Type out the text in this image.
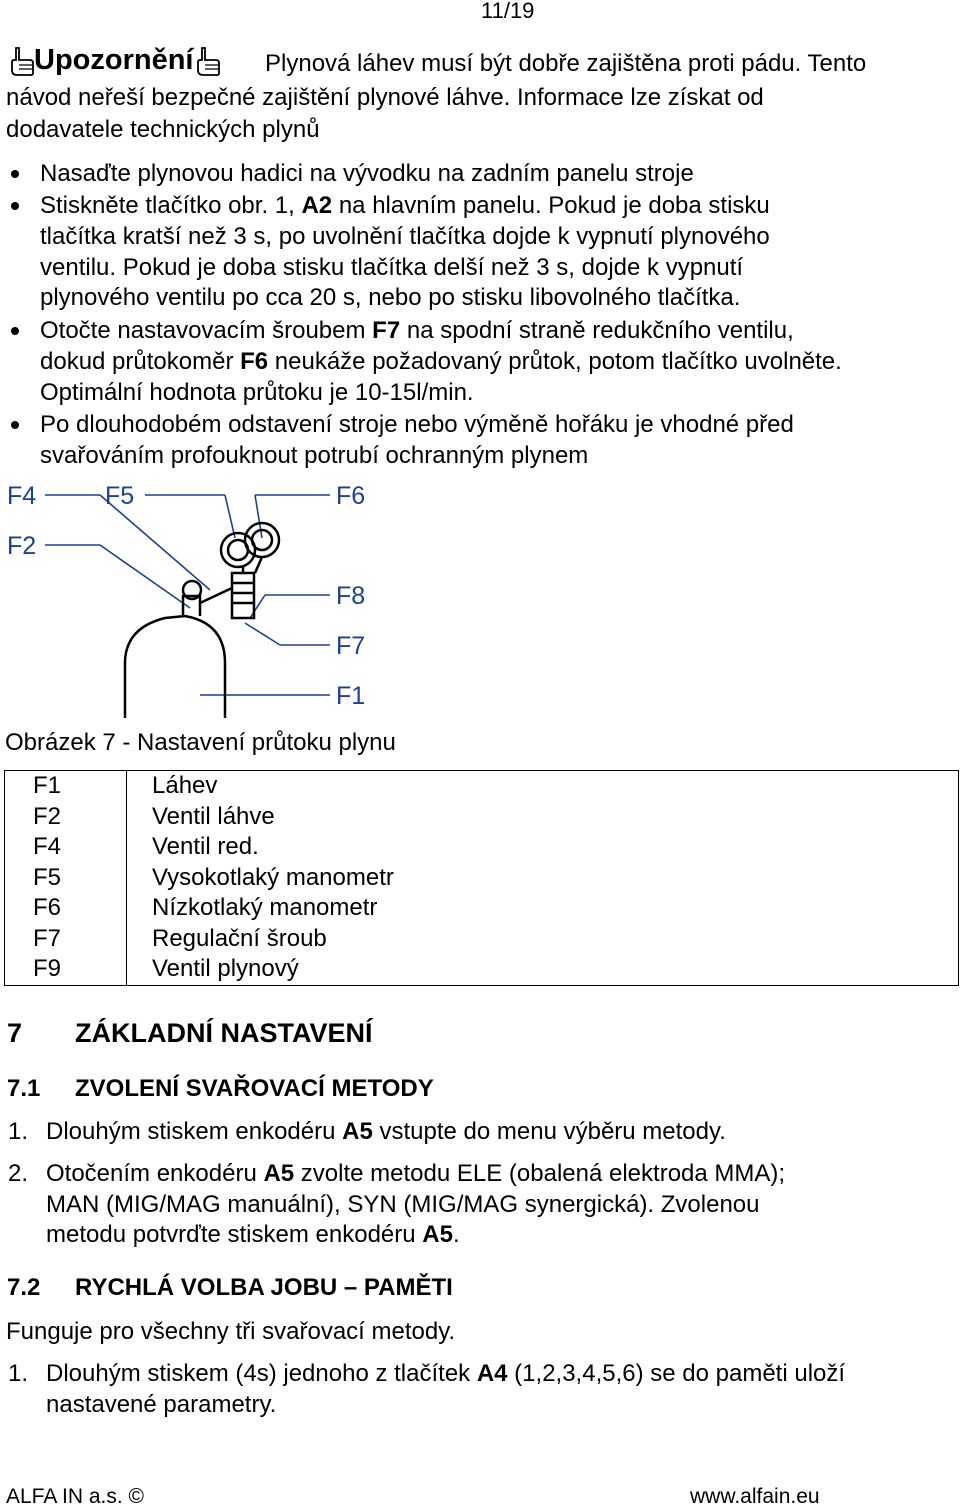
11/19
Upozornění	Plynová láhev musí být dobře zajištěna proti pádu. Tento
návod neřeší bezpečné zajištění plynové láhve. Informace lze získat od
dodavatele technických plynů
Nasaďte plynovou hadici na vývodku na zadním panelu stroje
Stiskněte tlačítko obr. 1, A2 na hlavním panelu. Pokud je doba stisku
tlačítka kratší než 3 s, po uvolnění tlačítka dojde k vypnutí plynového
ventilu. Pokud je doba stisku tlačítka delší než 3 s, dojde k vypnutí
plynového ventilu po cca 20 s, nebo po stisku libovolného tlačítka.
Otočte nastavovacím šroubem F7 na spodní straně redukčního ventilu,
dokud průtokoměr F6 neukáže požadovaný průtok, potom tlačítko uvolněte.
Optimální hodnota průtoku je 10-15l/min.
Po dlouhodobém odstavení stroje nebo výměně hořáku je vhodné před
svařováním profouknout potrubí ochranným plynem
F4	F5	F6
F2
F8
F7
F1
Obrázek 7 - Nastavení průtoku plynu
F1	Láhev
F2	Ventil láhve
F4	Ventil red.
F5	Vysokotlaký manometr
F6	Nízkotlaký manometr
F7	Regulační šroub
F9	Ventil plynový
7 ZÁKLADNÍ NASTAVENÍ
7.1 ZVOLENÍ SVAŘOVACÍ METODY
1. Dlouhým stiskem enkodéru A5 vstupte do menu výběru metody.
2. Otočením enkodéru A5 zvolte metodu ELE (obalená elektroda MMA);
MAN (MIG/MAG manuální), SYN (MIG/MAG synergická). Zvolenou
metodu potvrďte stiskem enkodéru A5.
7.2 RYCHLÁ VOLBA JOBU – PAMĚTI
Funguje pro všechny tři svařovací metody.
1. Dlouhým stiskem (4s) jednoho z tlačítek A4 (1,2,3,4,5,6) se do paměti uloží
nastavené parametry.
ALFA IN a.s. ©	www.alfain.eu
